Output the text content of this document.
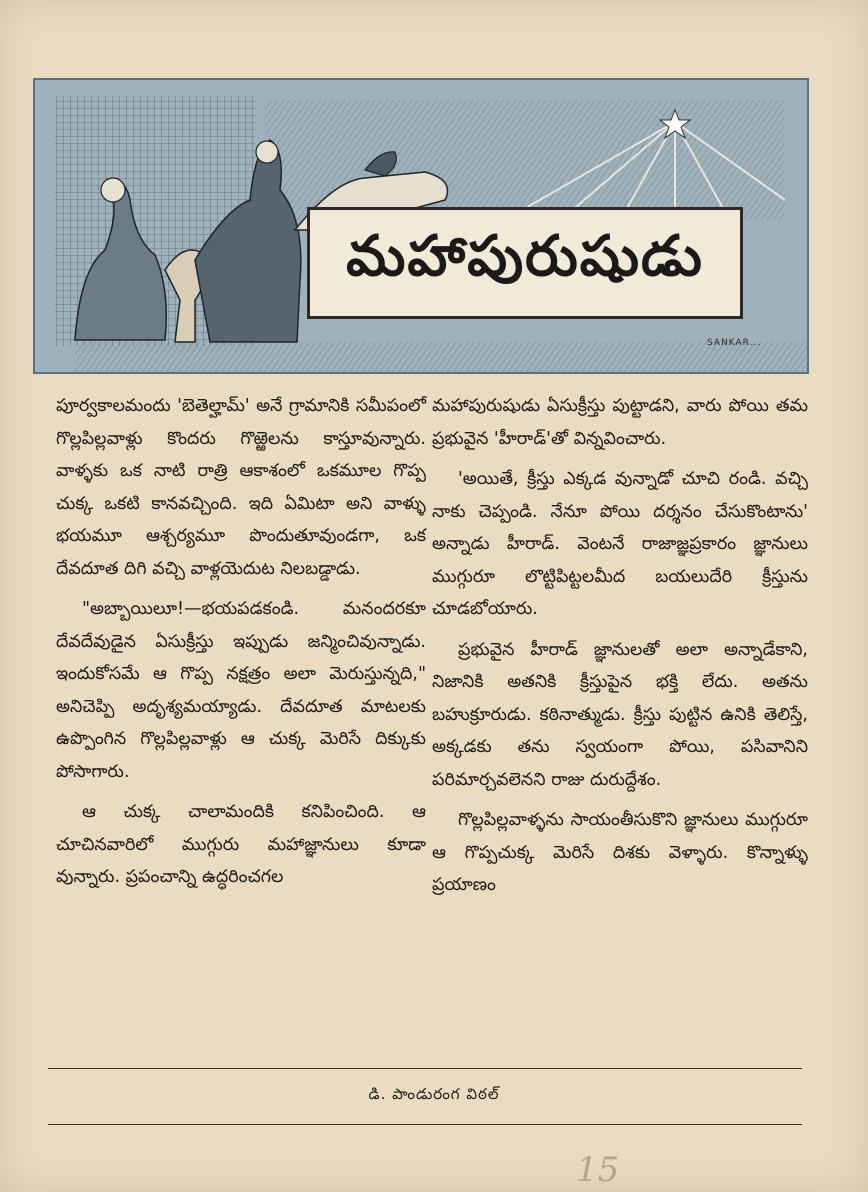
మహాపురుషుడు
SANKAR...

పూర్వకాలమందు 'బెతెల్హామ్' అనే గ్రామానికి సమీపంలో గొల్లపిల్లవాళ్లు కొందరు గొఱ్ఱెలను కాస్తూవున్నారు. వాళ్ళకు ఒక నాటి రాత్రి ఆకాశంలో ఒకమూల గొప్ప చుక్క ఒకటి కానవచ్చింది. ఇది ఏమిటా అని వాళ్ళు భయమూ ఆశ్చర్యమూ పొందుతూవుండగా, ఒక దేవదూత దిగి వచ్చి వాళ్లయెదుట నిలబడ్డాడు.

"అబ్బాయిలూ!—భయపడకండి. మనందరకూ దేవదేవుడైన ఏసుక్రీస్తు ఇప్పుడు జన్మించివున్నాడు. ఇందుకోసమే ఆ గొప్ప నక్షత్రం అలా మెరుస్తున్నది," అనిచెప్పి అదృశ్యమయ్యాడు. దేవదూత మాటలకు ఉప్పొంగిన గొల్లపిల్లవాళ్లు ఆ చుక్క మెరిసే దిక్కుకు పోసాగారు.

ఆ చుక్క చాలామందికి కనిపించింది. ఆ చూచినవారిలో ముగ్గురు మహాజ్ఞానులు కూడా వున్నారు. ప్రపంచాన్ని ఉద్ధరించగల

మహాపురుషుడు ఏసుక్రీస్తు పుట్టాడని, వారు పోయి తమ ప్రభువైన 'హీరాడ్'తో విన్నవించారు.

'అయితే, క్రీస్తు ఎక్కడ వున్నాడో చూచి రండి. వచ్చి నాకు చెప్పండి. నేనూ పోయి దర్శనం చేసుకొంటాను' అన్నాడు హీరాడ్. వెంటనే రాజాజ్ఞప్రకారం జ్ఞానులు ముగ్గురూ లొట్టిపిట్టలమీద బయలుదేరి క్రీస్తును చూడబోయారు.

ప్రభువైన హీరాడ్ జ్ఞానులతో అలా అన్నాడేకాని, నిజానికి అతనికి క్రీస్తుపైన భక్తి లేదు. అతను బహుక్రూరుడు. కఠినాత్ముడు. క్రీస్తు పుట్టిన ఉనికి తెలిస్తే, అక్కడకు తను స్వయంగా పోయి, పసివానిని పరిమార్చవలెనని రాజు దురుద్దేశం.

గొల్లపిల్లవాళ్ళను సాయంతీసుకొని జ్ఞానులు ముగ్గురూ ఆ గొప్పచుక్క మెరిసే దిశకు వెళ్ళారు. కొన్నాళ్ళు ప్రయాణం

డి. పాండురంగ విఠల్
15
